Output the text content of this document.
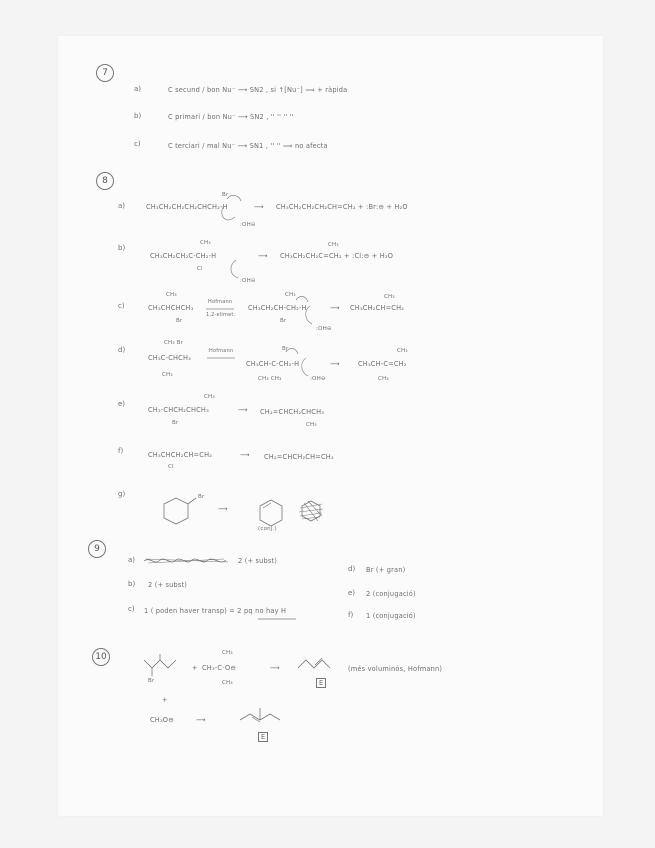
7
a)	C secund / bon Nu⁻ ⟶ SN2 , si ↑[Nu⁻] ⟹ + ràpida
b)	C primari / bon Nu⁻ ⟶ SN2 , '' '' '' ''
c)	C terciari / mal Nu⁻ ⟶ SN1 , '' '' ⟹ no afecta
8
a)	CH₃CH₂CH₂CH₂CHCH₂-H
Br
:OH⊖
⟶ CH₃CH₂CH₂CH₂CH=CH₂ + :Br:⊖ + H₂O
b)
CH₃
CH₃CH₂CH₂C-CH₂-H
Cl
:OH⊖
⟶
CH₃
CH₃CH₂CH₂C=CH₂ + :Cl:⊖ + H₂O
c)
CH₃
CH₃CHCHCH₃
Br
Hofmann
1,2-elimet.
CH₃
CH₃CH₂CH-CH₂-H
Br
:OH⊖
⟶
CH₃
CH₃CH₂CH=CH₂
d)
CH₃ Br
CH₃C-CHCH₃
CH₃
Hofmann	Br
CH₃CH-C-CH₂-H
CH₃ CH₃	:OH⊖
⟶
CH₃
CH₃CH-C=CH₂
CH₃
e)
CH₃
CH₃-CHCH₂CHCH₃
Br
⟶ CH₂=CHCH₂CHCH₃
CH₃
f)	CH₃CHCH₂CH=CH₂
Cl
⟶ CH₂=CHCH₂CH=CH₂
g)	Br
⟶
(conj.)
9
a)	2 (+ subst)
b) 2 (+ subst)
c) 1 ( poden haver transp) = 2 pq no hay H
d) Br (+ gran)
e) 2 (conjugació)
f) 1 (conjugació)
10
Br
+
CH₃
CH₃-C-O⊖
CH₃
⟶
E
(més voluminós, Hofmann)
+
CH₃O⊖	⟶
E
